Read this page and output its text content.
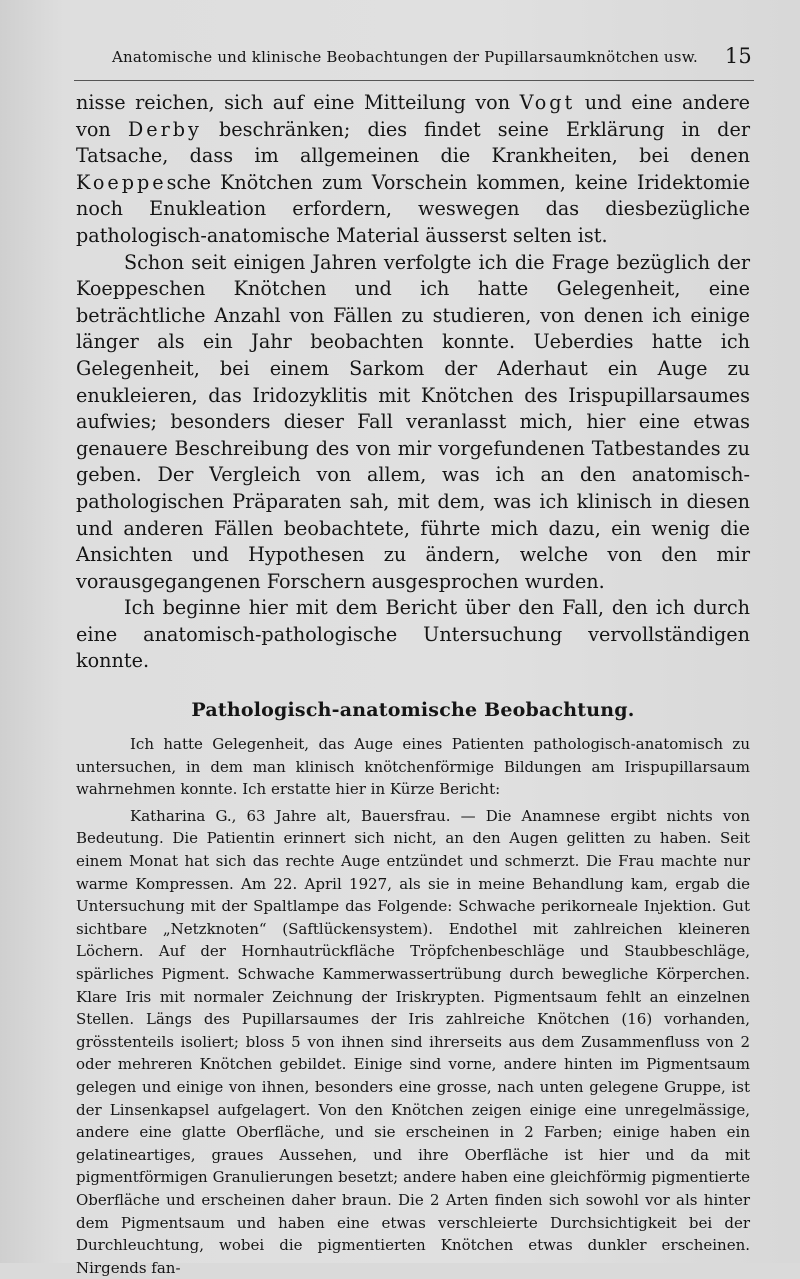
Anatomische und klinische Beobachtungen der Pupillarsaumknötchen usw. 15

nisse reichen, sich auf eine Mitteilung von Vogt und eine andere von Derby beschränken; dies findet seine Erklärung in der Tatsache, dass im allgemeinen die Krankheiten, bei denen Koeppesche Knötchen zum Vorschein kommen, keine Iridektomie noch Enukleation erfordern, weswegen das diesbezügliche pathologisch-anatomische Material äusserst selten ist.

Schon seit einigen Jahren verfolgte ich die Frage bezüglich der Koeppeschen Knötchen und ich hatte Gelegenheit, eine beträchtliche Anzahl von Fällen zu studieren, von denen ich einige länger als ein Jahr beobachten konnte. Ueberdies hatte ich Gelegenheit, bei einem Sarkom der Aderhaut ein Auge zu enukleieren, das Iridozyklitis mit Knötchen des Irispupillarsaumes aufwies; besonders dieser Fall veranlasst mich, hier eine etwas genauere Beschreibung des von mir vorgefundenen Tatbestandes zu geben. Der Vergleich von allem, was ich an den anatomisch-pathologischen Präparaten sah, mit dem, was ich klinisch in diesen und anderen Fällen beobachtete, führte mich dazu, ein wenig die Ansichten und Hypothesen zu ändern, welche von den mir vorausgegangenen Forschern ausgesprochen wurden.

Ich beginne hier mit dem Bericht über den Fall, den ich durch eine anatomisch-pathologische Untersuchung vervollständigen konnte.

Pathologisch-anatomische Beobachtung.

Ich hatte Gelegenheit, das Auge eines Patienten pathologisch-anatomisch zu untersuchen, in dem man klinisch knötchenförmige Bildungen am Irispupillarsaum wahrnehmen konnte. Ich erstatte hier in Kürze Bericht:

Katharina G., 63 Jahre alt, Bauersfrau. — Die Anamnese ergibt nichts von Bedeutung. Die Patientin erinnert sich nicht, an den Augen gelitten zu haben. Seit einem Monat hat sich das rechte Auge entzündet und schmerzt. Die Frau machte nur warme Kompressen. Am 22. April 1927, als sie in meine Behandlung kam, ergab die Untersuchung mit der Spaltlampe das Folgende: Schwache perikorneale Injektion. Gut sichtbare „Netzknoten“ (Saftlückensystem). Endothel mit zahlreichen kleineren Löchern. Auf der Hornhautrückfläche Tröpfchenbeschläge und Staubbeschläge, spärliches Pigment. Schwache Kammerwassertrübung durch bewegliche Körperchen. Klare Iris mit normaler Zeichnung der Iriskrypten. Pigmentsaum fehlt an einzelnen Stellen. Längs des Pupillarsaumes der Iris zahlreiche Knötchen (16) vorhanden, grösstenteils isoliert; bloss 5 von ihnen sind ihrerseits aus dem Zusammenfluss von 2 oder mehreren Knötchen gebildet. Einige sind vorne, andere hinten im Pigmentsaum gelegen und einige von ihnen, besonders eine grosse, nach unten gelegene Gruppe, ist der Linsenkapsel aufgelagert. Von den Knötchen zeigen einige eine unregelmässige, andere eine glatte Oberfläche, und sie erscheinen in 2 Farben; einige haben ein gelatineartiges, graues Aussehen, und ihre Oberfläche ist hier und da mit pigmentförmigen Granulierungen besetzt; andere haben eine gleichförmig pigmentierte Oberfläche und erscheinen daher braun. Die 2 Arten finden sich sowohl vor als hinter dem Pigmentsaum und haben eine etwas verschleierte Durchsichtigkeit bei der Durchleuchtung, wobei die pigmentierten Knötchen etwas dunkler erscheinen. Nirgends fan-
